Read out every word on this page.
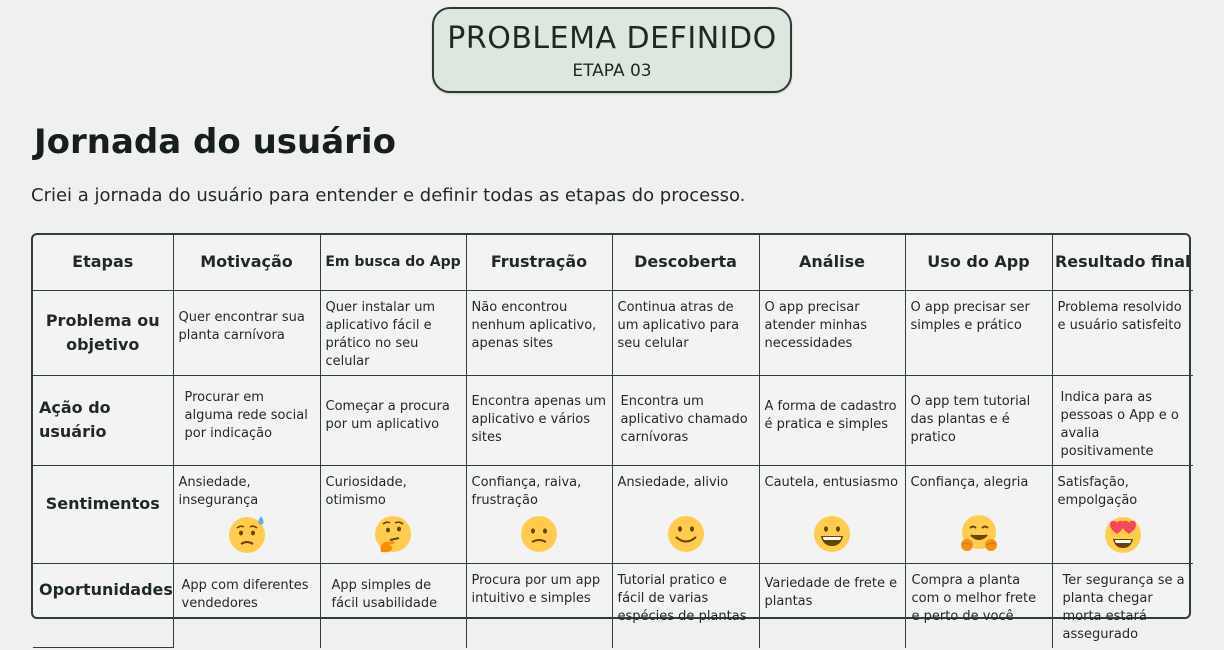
PROBLEMA DEFINIDO
ETAPA 03
Jornada do usuário

Criei a jornada do usuário para entender e definir todas as etapas do processo.

Etapas	Motivação	Em busca do App	Frustração	Descoberta	Análise	Uso do App	Resultado final
Problema ou objetivo	Quer encontrar sua planta carnívora	Quer instalar um aplicativo fácil e prático no seu celular	Não encontrou nenhum aplicativo, apenas sites	Continua atras de um aplicativo para seu celular	O app precisar atender minhas necessidades	O app precisar ser simples e prático	Problema resolvido e usuário satisfeito
Ação do usuário	Procurar em alguma rede social por indicação	Começar a procura por um aplicativo	Encontra apenas um aplicativo e vários sites	Encontra um aplicativo chamado carnívoras	A forma de cadastro é pratica e simples	O app tem tutorial das plantas e é pratico	Indica para as pessoas o App e o avalia positivamente
Sentimentos	Ansiedade, insegurança	Curiosidade, otimismo	Confiança, raiva, frustração	Ansiedade, alivio	Cautela, entusiasmo	Confiança, alegria	Satisfação, empolgação

Oportunidades	App com diferentes vendedores	App simples de fácil usabilidade	Procura por um app intuitivo e simples	Tutorial pratico e fácil de varias espécies de plantas	Variedade de frete e plantas	Compra a planta com o melhor frete e perto de você	Ter segurança se a planta chegar morta estará assegurado
